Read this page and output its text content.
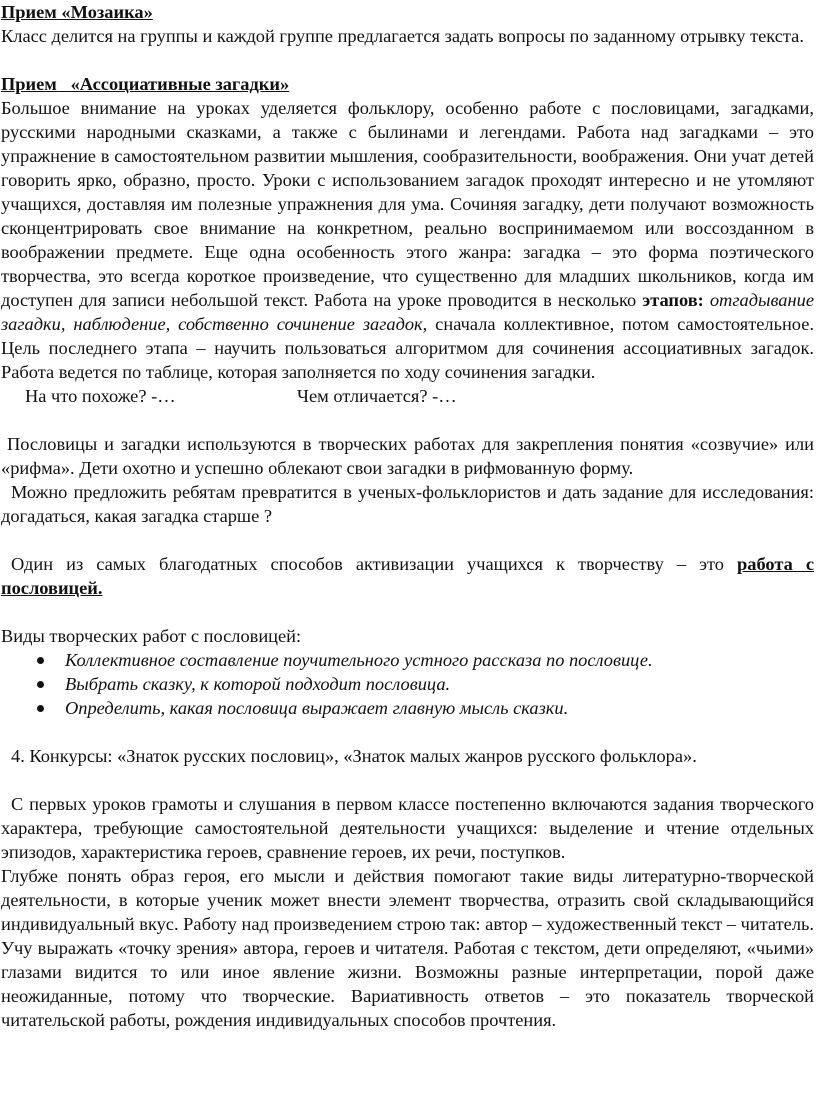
Прием «Мозаика»

Класс делится на группы и каждой группе предлагается задать вопросы по заданному отрывку текста.

Прием   «Ассоциативные загадки»

Большое внимание на уроках уделяется фольклору, особенно работе с пословицами, загадками, русскими народными сказками, а также с былинами и легендами. Работа над загадками – это упражнение в самостоятельном развитии мышления, сообразительности, воображения. Они учат детей говорить ярко, образно, просто. Уроки с использованием загадок проходят интересно и не утомляют учащихся, доставляя им полезные упражнения для ума. Сочиняя загадку, дети получают возможность сконцентрировать свое внимание на конкретном, реально воспринимаемом или воссозданном в воображении предмете. Еще одна особенность этого жанра: загадка – это форма поэтического творчества, это всегда короткое произведение, что существенно для младших школьников, когда им доступен для записи небольшой текст. Работа на уроке проводится в несколько этапов: отгадывание загадки, наблюдение, собственно сочинение загадок, сначала коллективное, потом самостоятельное. Цель последнего этапа – научить пользоваться алгоритмом для сочинения ассоциативных загадок. Работа ведется по таблице, которая заполняется по ходу сочинения загадки.

На что похоже? -…	Чем отличается? -…

Пословицы и загадки используются в творческих работах для закрепления понятия «созвучие» или «рифма». Дети охотно и успешно облекают свои загадки в рифмованную форму.

Можно предложить ребятам превратится в ученых-фольклористов и дать задание для исследования: догадаться, какая загадка старше ?

Один из самых благодатных способов активизации учащихся к творчеству – это работа с пословицей.

Виды творческих работ с пословицей:

Коллективное составление поучительного устного рассказа по пословице.
Выбрать сказку, к которой подходит пословица.
Определить, какая пословица выражает главную мысль сказки.

4. Конкурсы: «Знаток русских пословиц», «Знаток малых жанров русского фольклора».

С первых уроков грамоты и слушания в первом классе постепенно включаются задания творческого характера, требующие самостоятельной деятельности учащихся: выделение и чтение отдельных эпизодов, характеристика героев, сравнение героев, их речи, поступков.

Глубже понять образ героя, его мысли и действия помогают такие виды литературно-творческой деятельности, в которые ученик может внести элемент творчества, отразить свой складывающийся индивидуальный вкус. Работу над произведением строю так: автор – художественный текст – читатель. Учу выражать «точку зрения» автора, героев и читателя. Работая с текстом, дети определяют, «чьими» глазами видится то или иное явление жизни. Возможны разные интерпретации, порой даже неожиданные, потому что творческие. Вариативность ответов – это показатель творческой читательской работы, рождения индивидуальных способов прочтения.
